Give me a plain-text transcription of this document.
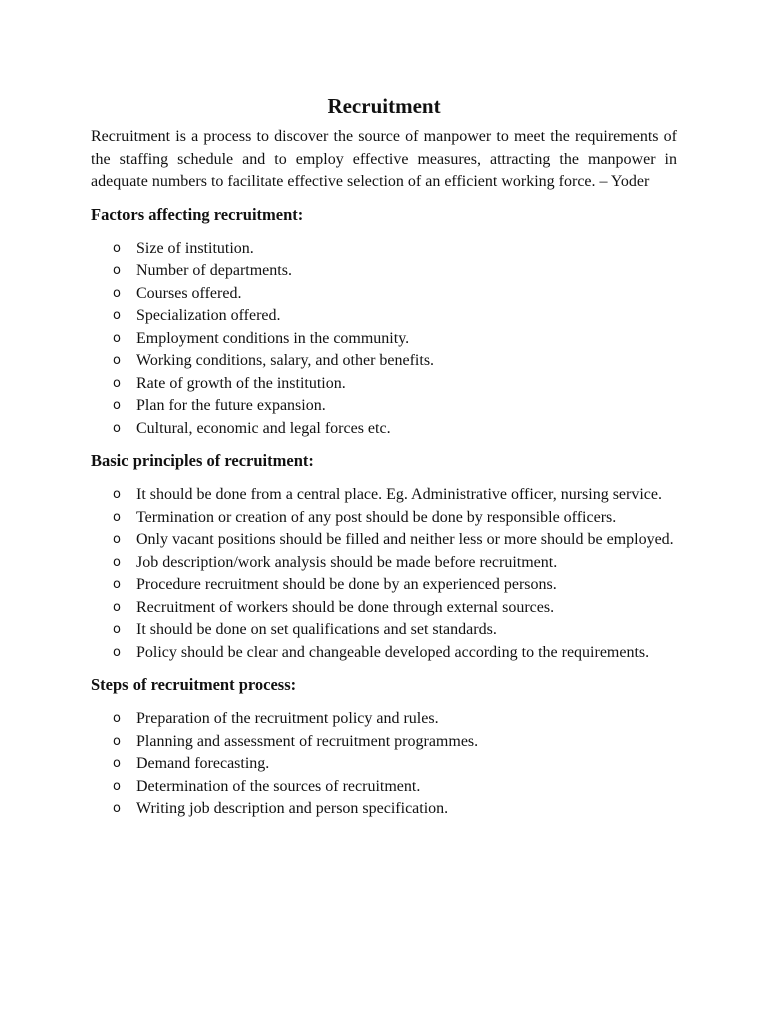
Recruitment

Recruitment is a process to discover the source of manpower to meet the requirements of the staffing schedule and to employ effective measures, attracting the manpower in adequate numbers to facilitate effective selection of an efficient working force. – Yoder

Factors affecting recruitment:
o Size of institution.
o Number of departments.
o Courses offered.
o Specialization offered.
o Employment conditions in the community.
o Working conditions, salary, and other benefits.
o Rate of growth of the institution.
o Plan for the future expansion.
o Cultural, economic and legal forces etc.
Basic principles of recruitment:
o It should be done from a central place. Eg. Administrative officer, nursing service.
o Termination or creation of any post should be done by responsible officers.
o Only vacant positions should be filled and neither less or more should be employed.
o Job description/work analysis should be made before recruitment.
o Procedure recruitment should be done by an experienced persons.
o Recruitment of workers should be done through external sources.
o It should be done on set qualifications and set standards.
o Policy should be clear and changeable developed according to the requirements.
Steps of recruitment process:
o Preparation of the recruitment policy and rules.
o Planning and assessment of recruitment programmes.
o Demand forecasting.
o Determination of the sources of recruitment.
o Writing job description and person specification.
